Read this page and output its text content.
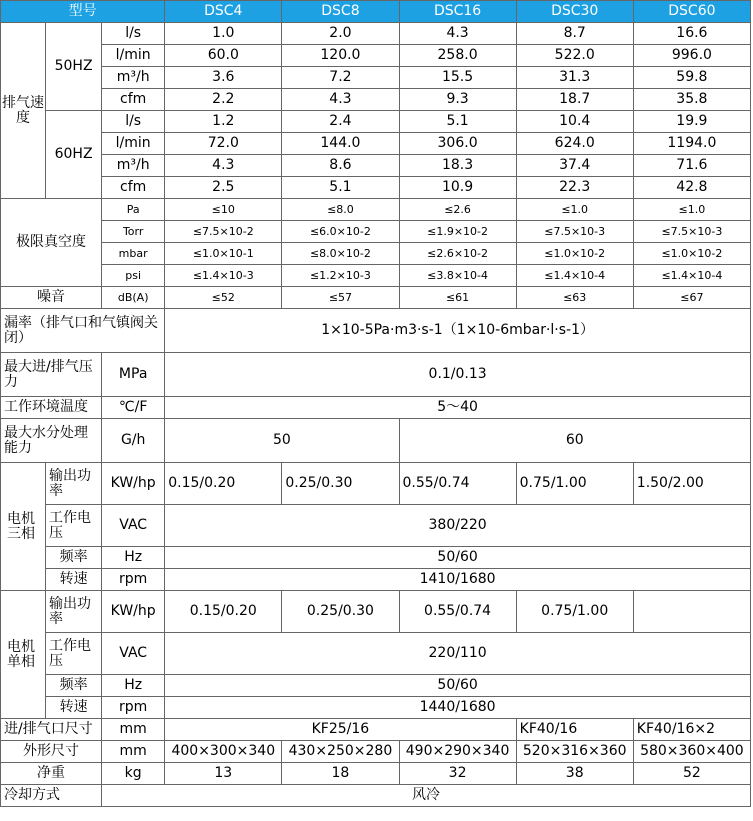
型号			DSC4	DSC8	DSC16	DSC30	DSC60
排气速度	50HZ	l/s	1.0	2.0	4.3	8.7	16.6
		l/min	60.0	120.0	258.0	522.0	996.0
		m³/h	3.6	7.2	15.5	31.3	59.8
		cfm	2.2	4.3	9.3	18.7	35.8
	60HZ	l/s	1.2	2.4	5.1	10.4	19.9
		l/min	72.0	144.0	306.0	624.0	1194.0
		m³/h	4.3	8.6	18.3	37.4	71.6
		cfm	2.5	5.1	10.9	22.3	42.8
极限真空度		Pa	≤10	≤8.0	≤2.6	≤1.0	≤1.0
		Torr	≤7.5×10-2	≤6.0×10-2	≤1.9×10-2	≤7.5×10-3	≤7.5×10-3
		mbar	≤1.0×10-1	≤8.0×10-2	≤2.6×10-2	≤1.0×10-2	≤1.0×10-2
		psi	≤1.4×10-3	≤1.2×10-3	≤3.8×10-4	≤1.4×10-4	≤1.4×10-4
噪音		dB(A)	≤52	≤57	≤61	≤63	≤67
漏率（排气口和气镇阀关闭）			1×10-5Pa·m3·s-1（1×10-6mbar·l·s-1）				
最大进/排气压力		MPa	0.1/0.13				
工作环境温度		℃/F	5～40				
最大水分处理能力		G/h	50		60		
电机三相	输出功率	KW/hp	0.15/0.20	0.25/0.30	0.55/0.74	0.75/1.00	1.50/2.00
	工作电压	VAC	380/220				
	频率	Hz	50/60				
	转速	rpm	1410/1680				
电机单相	输出功率	KW/hp	0.15/0.20	0.25/0.30	0.55/0.74	0.75/1.00	
	工作电压	VAC	220/110				
	频率	Hz	50/60				
	转速	rpm	1440/1680				
进/排气口尺寸		mm	KF25/16			KF40/16	KF40/16×2
外形尺寸		mm	400×300×340	430×250×280	490×290×340	520×316×360	580×360×400
净重		kg	13	18	32	38	52
冷却方式		风冷					
